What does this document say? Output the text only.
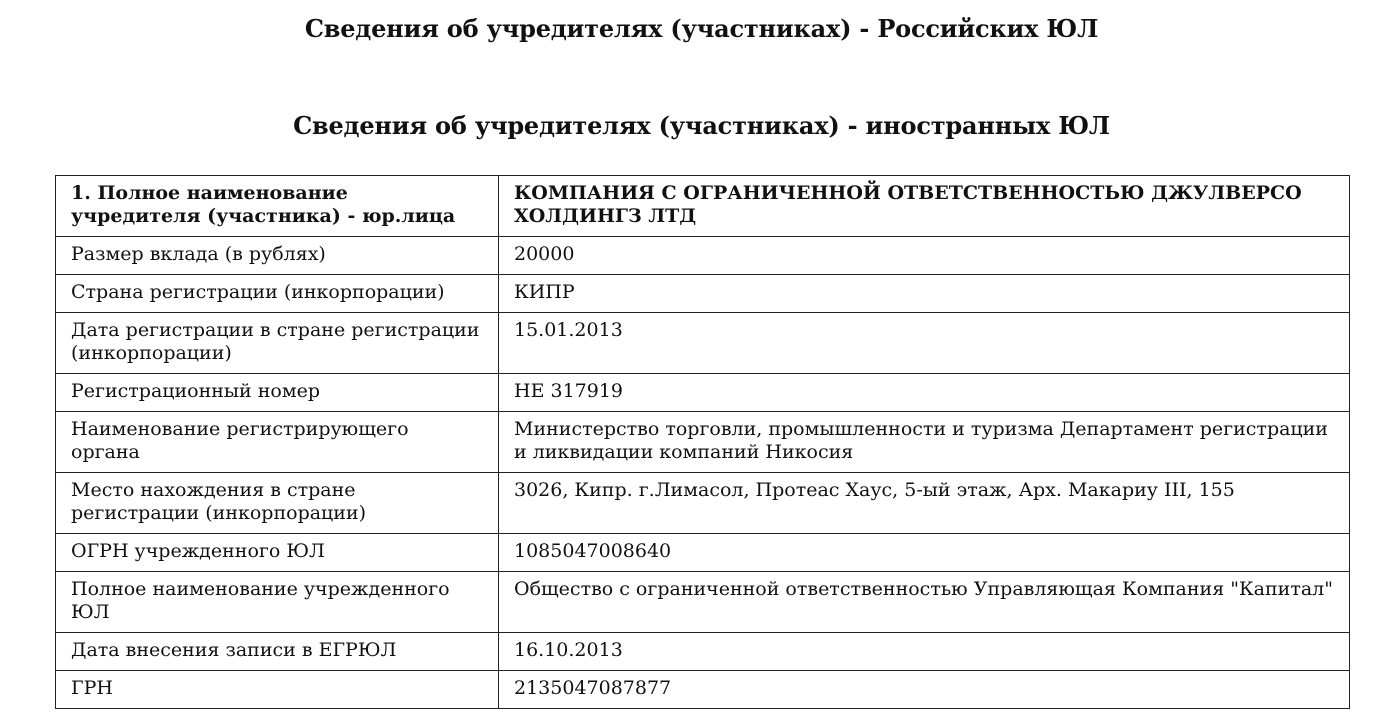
Сведения об учредителях (участниках) - Российских ЮЛ
Сведения об учредителях (участниках) - иностранных ЮЛ
1. Полное наименование учредителя (участника) - юр.лица	КОМПАНИЯ С ОГРАНИЧЕННОЙ ОТВЕТСТВЕННОСТЬЮ ДЖУЛВЕРСО ХОЛДИНГЗ ЛТД
Размер вклада (в рублях)	20000
Страна регистрации (инкорпорации)	КИПР
Дата регистрации в стране регистрации (инкорпорации)	15.01.2013
Регистрационный номер	HE 317919
Наименование регистрирующего органа	Министерство торговли, промышленности и туризма Департамент регистрации и ликвидации компаний Никосия
Место нахождения в стране регистрации (инкорпорации)	3026, Кипр. г.Лимасол, Протеас Хаус, 5-ый этаж, Арх. Макариу III, 155
ОГРН учрежденного ЮЛ	1085047008640
Полное наименование учрежденного ЮЛ	Общество с ограниченной ответственностью Управляющая Компания "Капитал"
Дата внесения записи в ЕГРЮЛ	16.10.2013
ГРН	2135047087877
